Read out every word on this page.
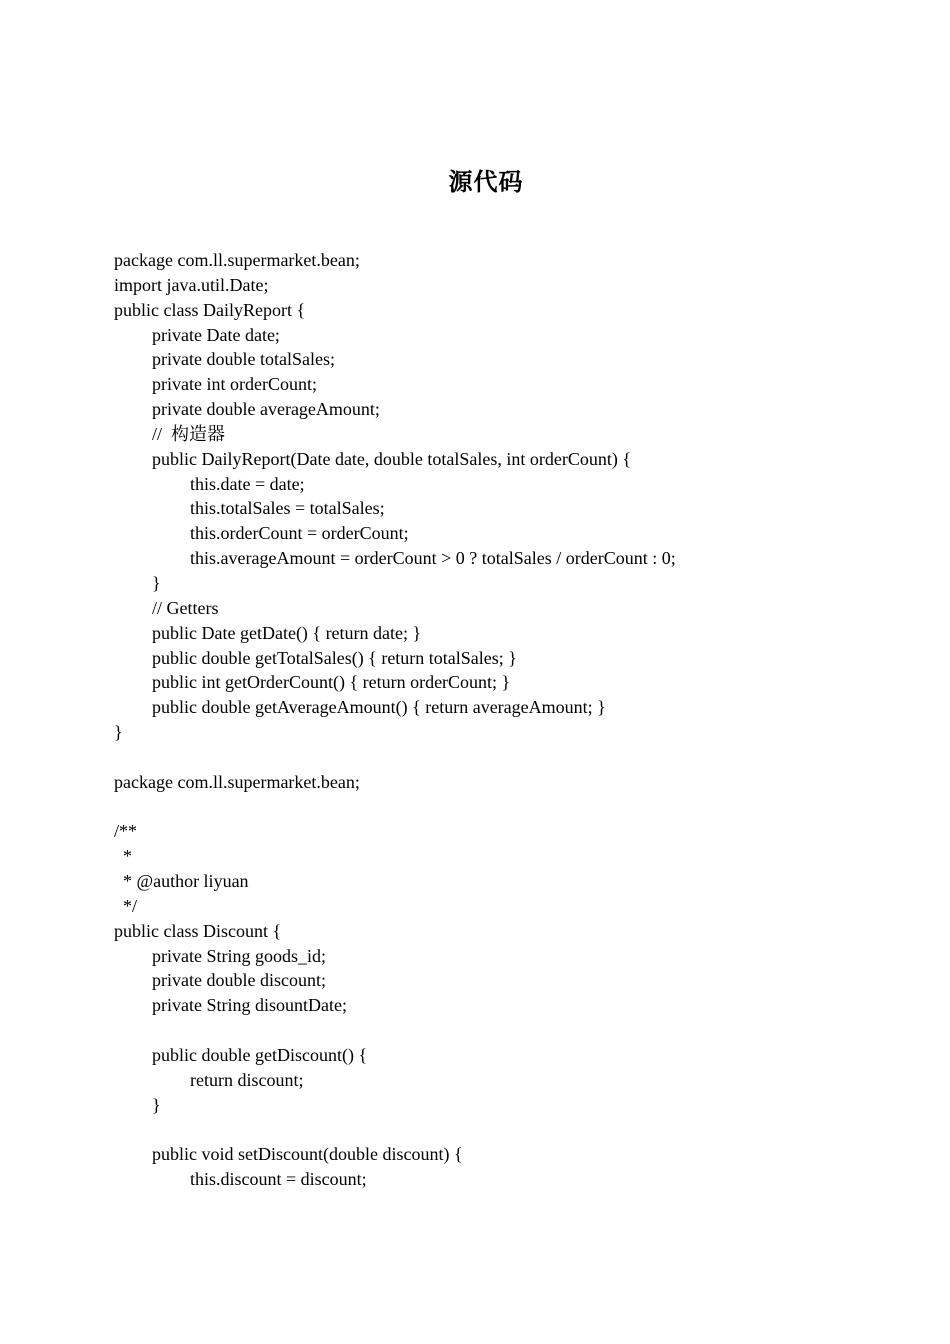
源代码
package com.ll.supermarket.bean;
import java.util.Date;
public class DailyReport {
private Date date;
private double totalSales;
private int orderCount;
private double averageAmount;
//  构造器
public DailyReport(Date date, double totalSales, int orderCount) {
this.date = date;
this.totalSales = totalSales;
this.orderCount = orderCount;
this.averageAmount = orderCount > 0 ? totalSales / orderCount : 0;
}
// Getters
public Date getDate() { return date; }
public double getTotalSales() { return totalSales; }
public int getOrderCount() { return orderCount; }
public double getAverageAmount() { return averageAmount; }
}
package com.ll.supermarket.bean;
/**
*
* @author liyuan
*/
public class Discount {
private String goods_id;
private double discount;
private String disountDate;
public double getDiscount() {
return discount;
}
public void setDiscount(double discount) {
this.discount = discount;
